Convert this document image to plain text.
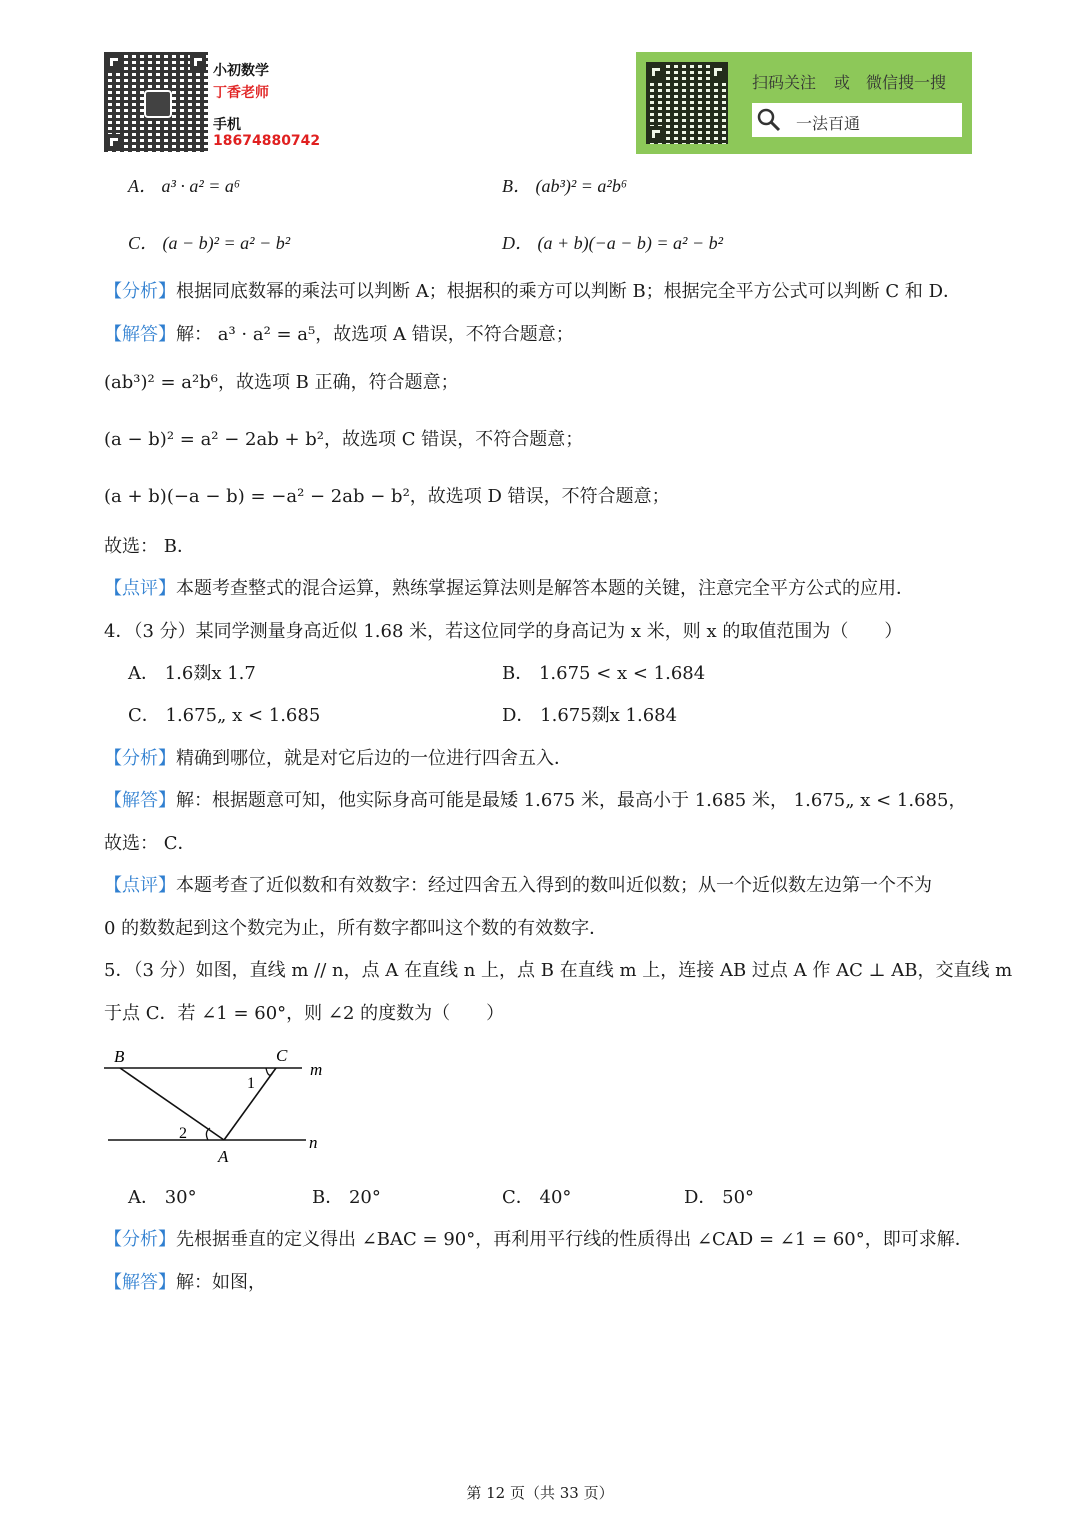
小初数学
丁香老师
手机
18674880742
扫码关注 或 微信搜一搜
一法百通
A． a³ · a² = a⁶	B． (ab³)² = a²b⁶
C． (a − b)² = a² − b²	D． (a + b)(−a − b) = a² − b²
【分析】根据同底数幂的乘法可以判断 A；根据积的乘方可以判断 B；根据完全平方公式可以判断 C 和 D．
【解答】解： a³ · a² = a⁵，故选项 A 错误，不符合题意；
(ab³)² = a²b⁶，故选项 B 正确，符合题意；
(a − b)² = a² − 2ab + b²，故选项 C 错误，不符合题意；
(a + b)(−a − b) = −a² − 2ab − b²，故选项 D 错误，不符合题意；
故选： B．
【点评】本题考查整式的混合运算，熟练掌握运算法则是解答本题的关键，注意完全平方公式的应用．
4．（3 分）某同学测量身高近似 1.68 米，若这位同学的身高记为 x 米，则 x 的取值范围为（　　）
A． 1.6剟x 1.7	B． 1.675 < x < 1.684
C． 1.675„ x < 1.685	D． 1.675剟x 1.684
【分析】精确到哪位，就是对它后边的一位进行四舍五入．
【解答】解：根据题意可知，他实际身高可能是最矮 1.675 米，最高小于 1.685 米， 1.675„ x < 1.685，
故选： C．
【点评】本题考查了近似数和有效数字：经过四舍五入得到的数叫近似数；从一个近似数左边第一个不为
0 的数数起到这个数完为止，所有数字都叫这个数的有效数字．
5．（3 分）如图，直线 m // n，点 A 在直线 n 上，点 B 在直线 m 上，连接 AB 过点 A 作 AC ⊥ AB，交直线 m
于点 C．若 ∠1 = 60°，则 ∠2 的度数为（　　）
B	C
m
1
2
A
n
A． 30°	B． 20°	C． 40°	D． 50°
【分析】先根据垂直的定义得出 ∠BAC = 90°，再利用平行线的性质得出 ∠CAD = ∠1 = 60°，即可求解．
【解答】解：如图，
第 12 页（共 33 页）
